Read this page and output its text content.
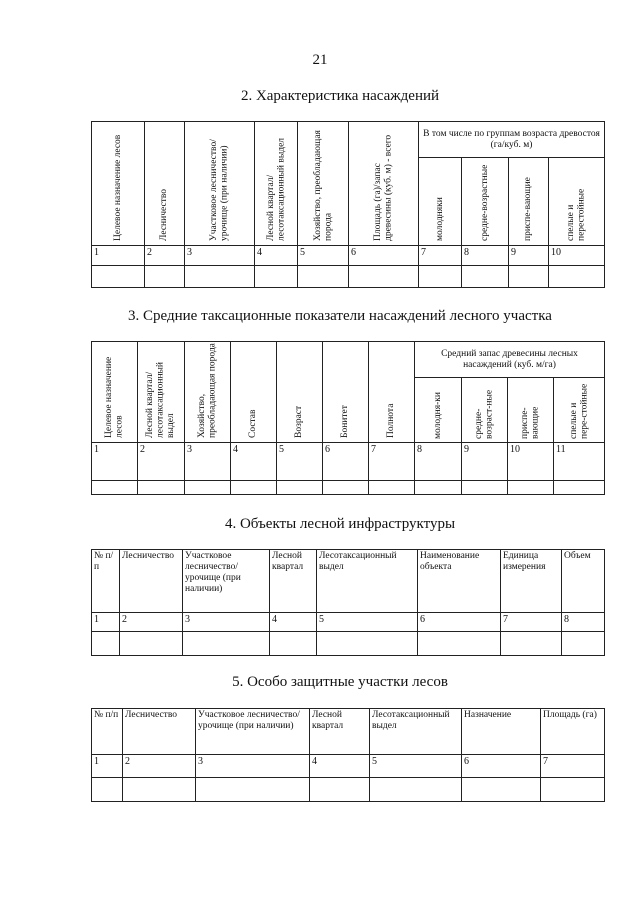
21
2. Характеристика насаждений
Целевое назначение лесов	Лесничество	Участковое лесничество/ урочище (при наличии)	Лесной квартал/ лесотаксационный выдел	Хозяйство, преобладающая порода	Площадь (га)/запас древесины (куб. м) - всего	В том числе по группам возраста древостоя (га/куб. м)			

						молодняки	средне-возрастные	приспе-вающие	спелые и перестойные

1	2	3	4	5	6	7	8	9	10

3. Средние таксационные показатели насаждений лесного участка
Целевое назначение лесов	Лесной квартал/ лесотаксационный выдел	Хозяйство, преобладающая порода	Состав	Возраст	Бонитет	Полнота	Средний запас древесины лесных насаждений (куб. м/га)			

							молодня-ки	средне-возраст-ные	приспе-вающие	спелые и пере-стойные

1	2	3	4	5	6	7	8	9	10	11

4. Объекты лесной инфраструктуры
№ п/п	Лесничество	Участковое лесничество/ урочище (при наличии)	Лесной квартал	Лесотаксационный выдел	Наименование объекта	Единица измерения	Объем
1	2	3	4	5	6	7	8

5. Особо защитные участки лесов
№ п/п	Лесничество	Участковое лесничество/урочище (при наличии)	Лесной квартал	Лесотаксационный выдел	Назначение	Площадь (га)
1	2	3	4	5	6	7
